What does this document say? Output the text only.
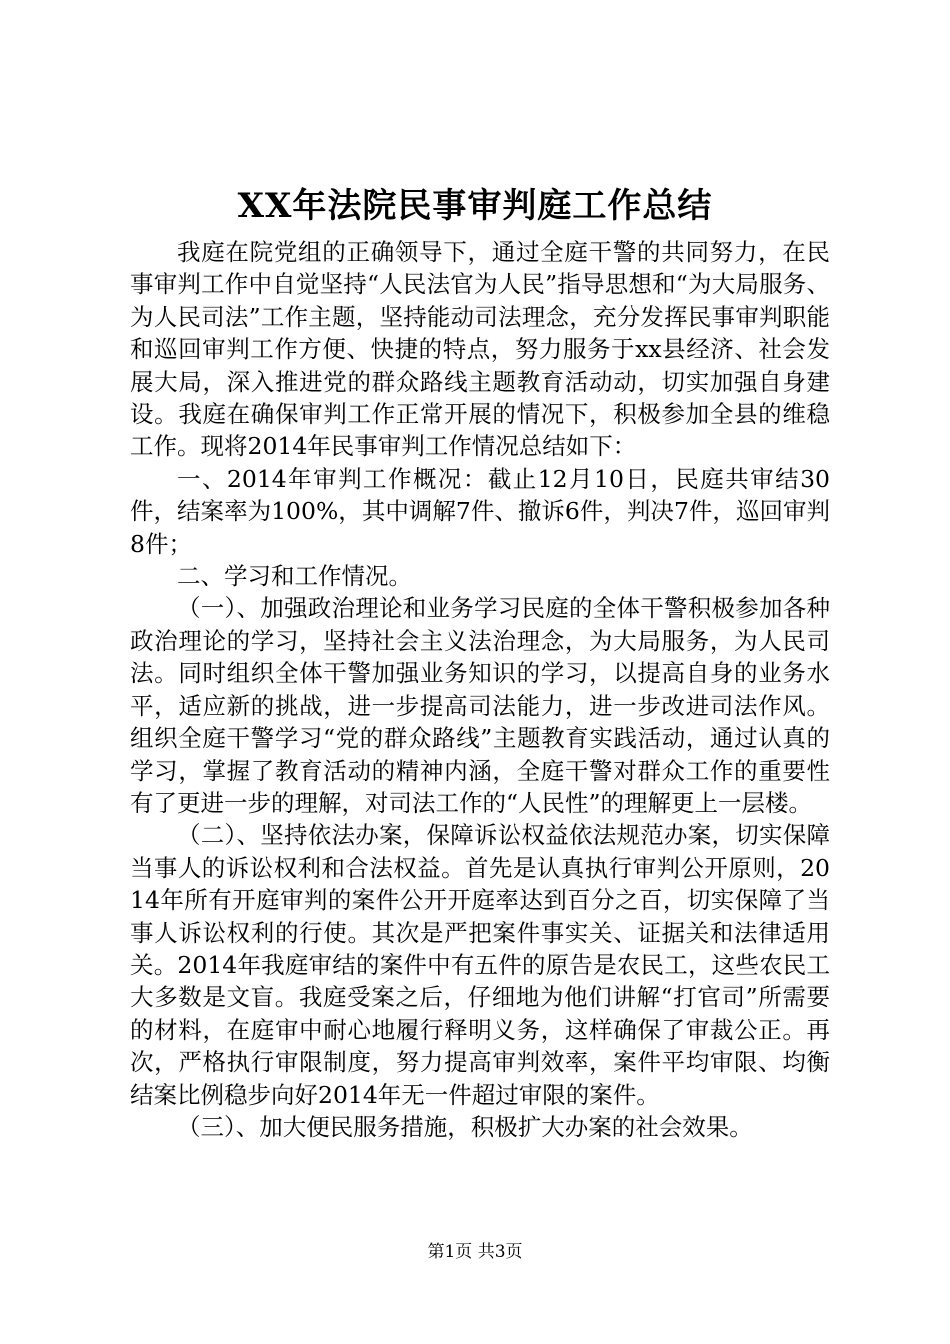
XX年法院民事审判庭工作总结

我庭在院党组的正确领导下，通过全庭干警的共同努力，在民事审判工作中自觉坚持“人民法官为人民”指导思想和“为大局服务、为人民司法”工作主题，坚持能动司法理念，充分发挥民事审判职能和巡回审判工作方便、快捷的特点，努力服务于xx县经济、社会发展大局，深入推进党的群众路线主题教育活动动，切实加强自身建设。我庭在确保审判工作正常开展的情况下，积极参加全县的维稳工作。现将2014年民事审判工作情况总结如下：

一、2014年审判工作概况：截止12月10日，民庭共审结30件，结案率为100%，其中调解7件、撤诉6件，判决7件，巡回审判8件；

二、学习和工作情况。

（一）、加强政治理论和业务学习民庭的全体干警积极参加各种政治理论的学习，坚持社会主义法治理念，为大局服务，为人民司法。同时组织全体干警加强业务知识的学习，以提高自身的业务水平，适应新的挑战，进一步提高司法能力，进一步改进司法作风。组织全庭干警学习“党的群众路线”主题教育实践活动，通过认真的学习，掌握了教育活动的精神内涵，全庭干警对群众工作的重要性有了更进一步的理解，对司法工作的“人民性”的理解更上一层楼。

（二）、坚持依法办案，保障诉讼权益依法规范办案，切实保障当事人的诉讼权利和合法权益。首先是认真执行审判公开原则，2014年所有开庭审判的案件公开开庭率达到百分之百，切实保障了当事人诉讼权利的行使。其次是严把案件事实关、证据关和法律适用关。2014年我庭审结的案件中有五件的原告是农民工，这些农民工大多数是文盲。我庭受案之后，仔细地为他们讲解“打官司”所需要的材料，在庭审中耐心地履行释明义务，这样确保了审裁公正。再次，严格执行审限制度，努力提高审判效率，案件平均审限、均衡结案比例稳步向好2014年无一件超过审限的案件。

（三）、加大便民服务措施，积极扩大办案的社会效果。

第1页 共3页
